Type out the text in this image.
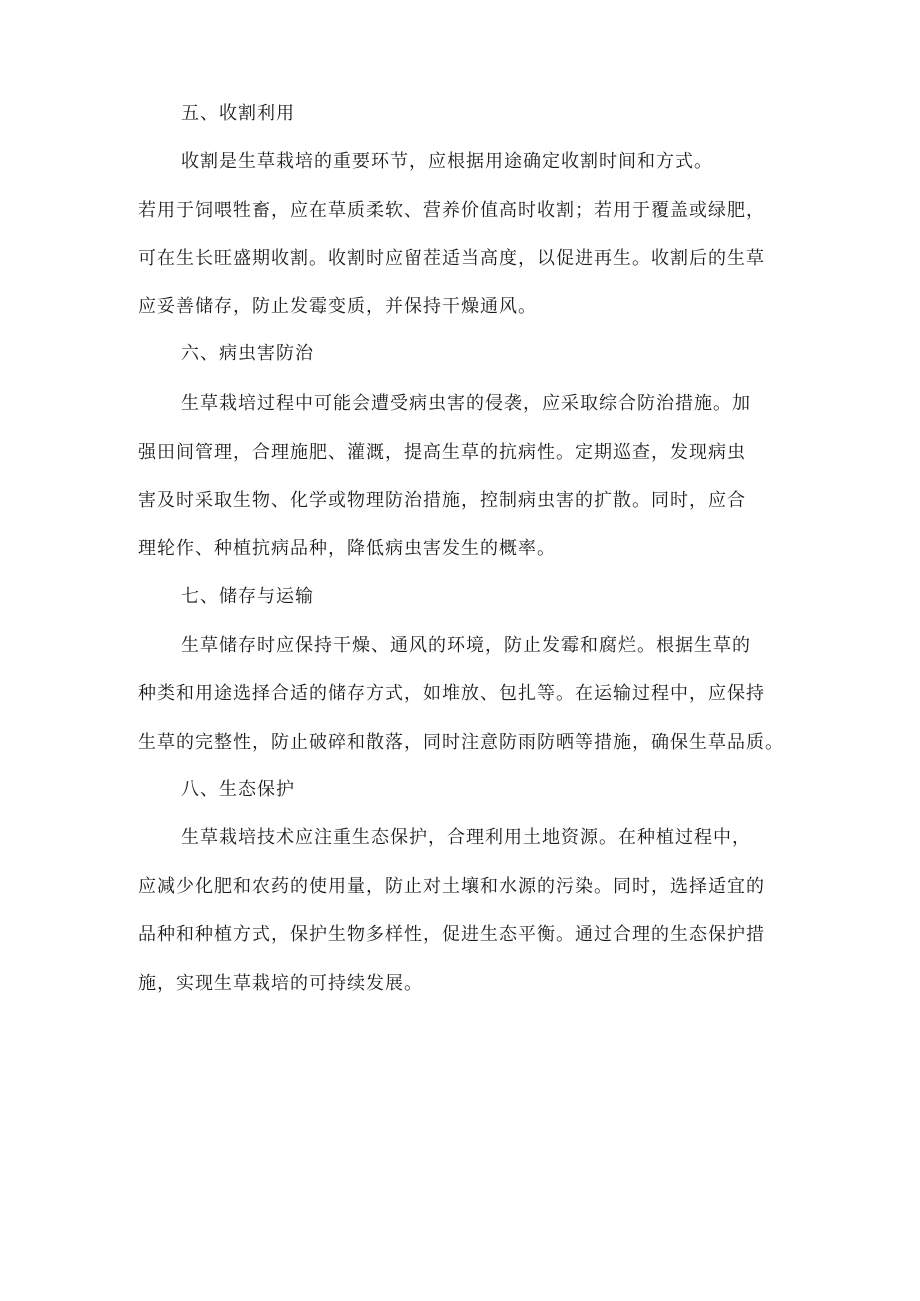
五、收割利用
收割是生草栽培的重要环节，应根据用途确定收割时间和方式。
若用于饲喂牲畜，应在草质柔软、营养价值高时收割；若用于覆盖或绿肥，
可在生长旺盛期收割。收割时应留茬适当高度，以促进再生。收割后的生草
应妥善储存，防止发霉变质，并保持干燥通风。
六、病虫害防治
生草栽培过程中可能会遭受病虫害的侵袭，应采取综合防治措施。加
强田间管理，合理施肥、灌溉，提高生草的抗病性。定期巡查，发现病虫
害及时采取生物、化学或物理防治措施，控制病虫害的扩散。同时，应合
理轮作、种植抗病品种，降低病虫害发生的概率。
七、储存与运输
生草储存时应保持干燥、通风的环境，防止发霉和腐烂。根据生草的
种类和用途选择合适的储存方式，如堆放、包扎等。在运输过程中，应保持
生草的完整性，防止破碎和散落，同时注意防雨防晒等措施，确保生草品质。
八、生态保护
生草栽培技术应注重生态保护，合理利用土地资源。在种植过程中，
应减少化肥和农药的使用量，防止对土壤和水源的污染。同时，选择适宜的
品种和种植方式，保护生物多样性，促进生态平衡。通过合理的生态保护措
施，实现生草栽培的可持续发展。
